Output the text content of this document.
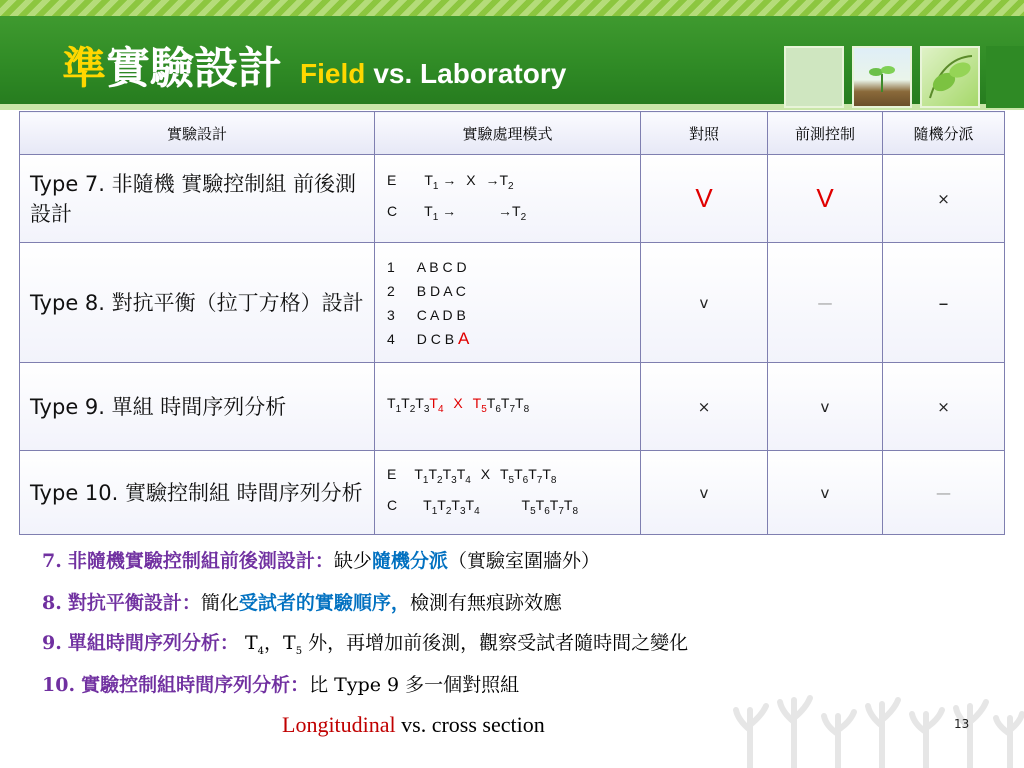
準實驗設計 Field vs. Laboratory
實驗設計	實驗處理模式	對照	前測控制	隨機分派
Type 7. 非隨機 實驗控制組 前後測設計	E $T_1 \to X \to T_2$
C $T_1 \to \to T_2$	V	V	×
Type 8. 對抗平衡（拉丁方格）設計	1 A B C D
2 B D A C
3 C A D B
4 D C B A	v	—	–
Type 9. 單組 時間序列分析	$T_1T_2T_3T_4$ X $T_5T_6T_7T_8$	×	v	×
Type 10. 實驗控制組 時間序列分析	E $T_1T_2T_3T_4$ X $T_5T_6T_7T_8$
C $T_1T_2T_3T_4$ $T_5T_6T_7T_8$	v	v	—
7. 非隨機實驗控制組前後測設計：缺少隨機分派（實驗室圍牆外）
8. 對抗平衡設計：簡化受試者的實驗順序，檢測有無痕跡效應
9. 單組時間序列分析： $T_4$，$T_5$ 外，再增加前後測，觀察受試者隨時間之變化
10. 實驗控制組時間序列分析：比 Type 9 多一個對照組
Longitudinal vs. cross section	13
